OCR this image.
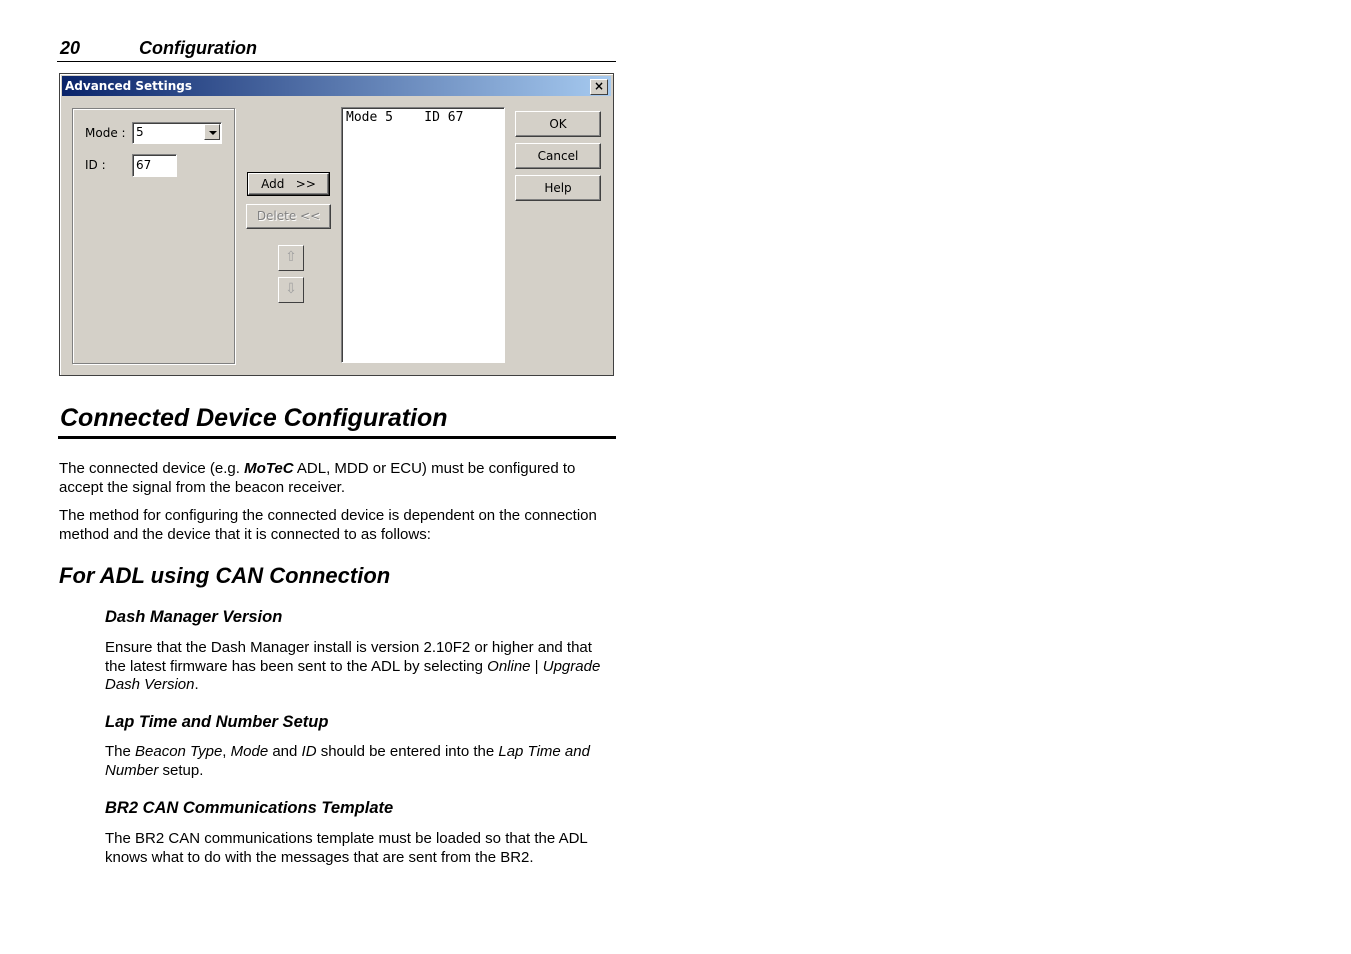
20	Configuration
Advanced Settings	×
Mode : 5
ID :	67
Add   >>
Delete <<
⇧
⇩
Mode 5    ID 67	OK
Cancel
Help
Connected Device Configuration
The connected device (e.g. MoTeC ADL, MDD or ECU) must be configured to accept the signal from the beacon receiver.
The method for configuring the connected device is dependent on the connection method and the device that it is connected to as follows:
For ADL using CAN Connection
Dash Manager Version
Ensure that the Dash Manager install is version 2.10F2 or higher and that the latest firmware has been sent to the ADL by selecting Online | Upgrade Dash Version.
Lap Time and Number Setup
The Beacon Type, Mode and ID should be entered into the Lap Time and Number setup.
BR2 CAN Communications Template
The BR2 CAN communications template must be loaded so that the ADL knows what to do with the messages that are sent from the BR2.
